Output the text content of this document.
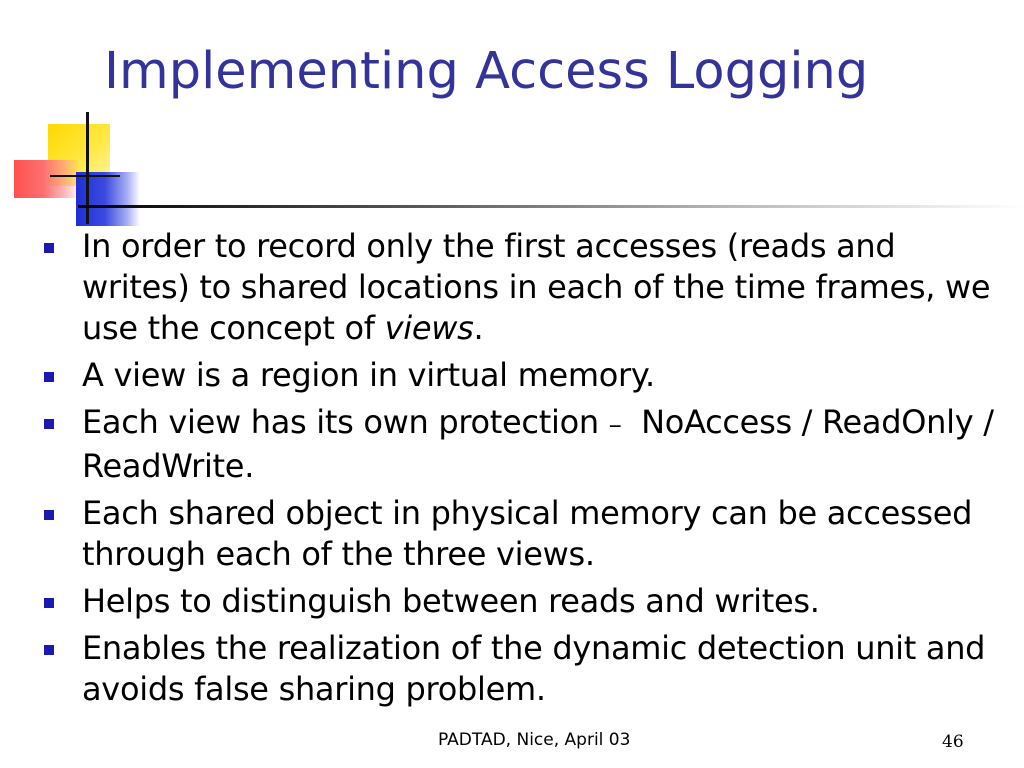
Implementing Access Logging
In order to record only the first accesses (reads and writes) to shared locations in each of the time frames, we use the concept of views.
A view is a region in virtual memory.
Each view has its own protection –  NoAccess / ReadOnly / ReadWrite.
Each shared object in physical memory can be accessed through each of the three views.
Helps to distinguish between reads and writes.
Enables the realization of the dynamic detection unit and avoids false sharing problem.
PADTAD, Nice, April 03	46
